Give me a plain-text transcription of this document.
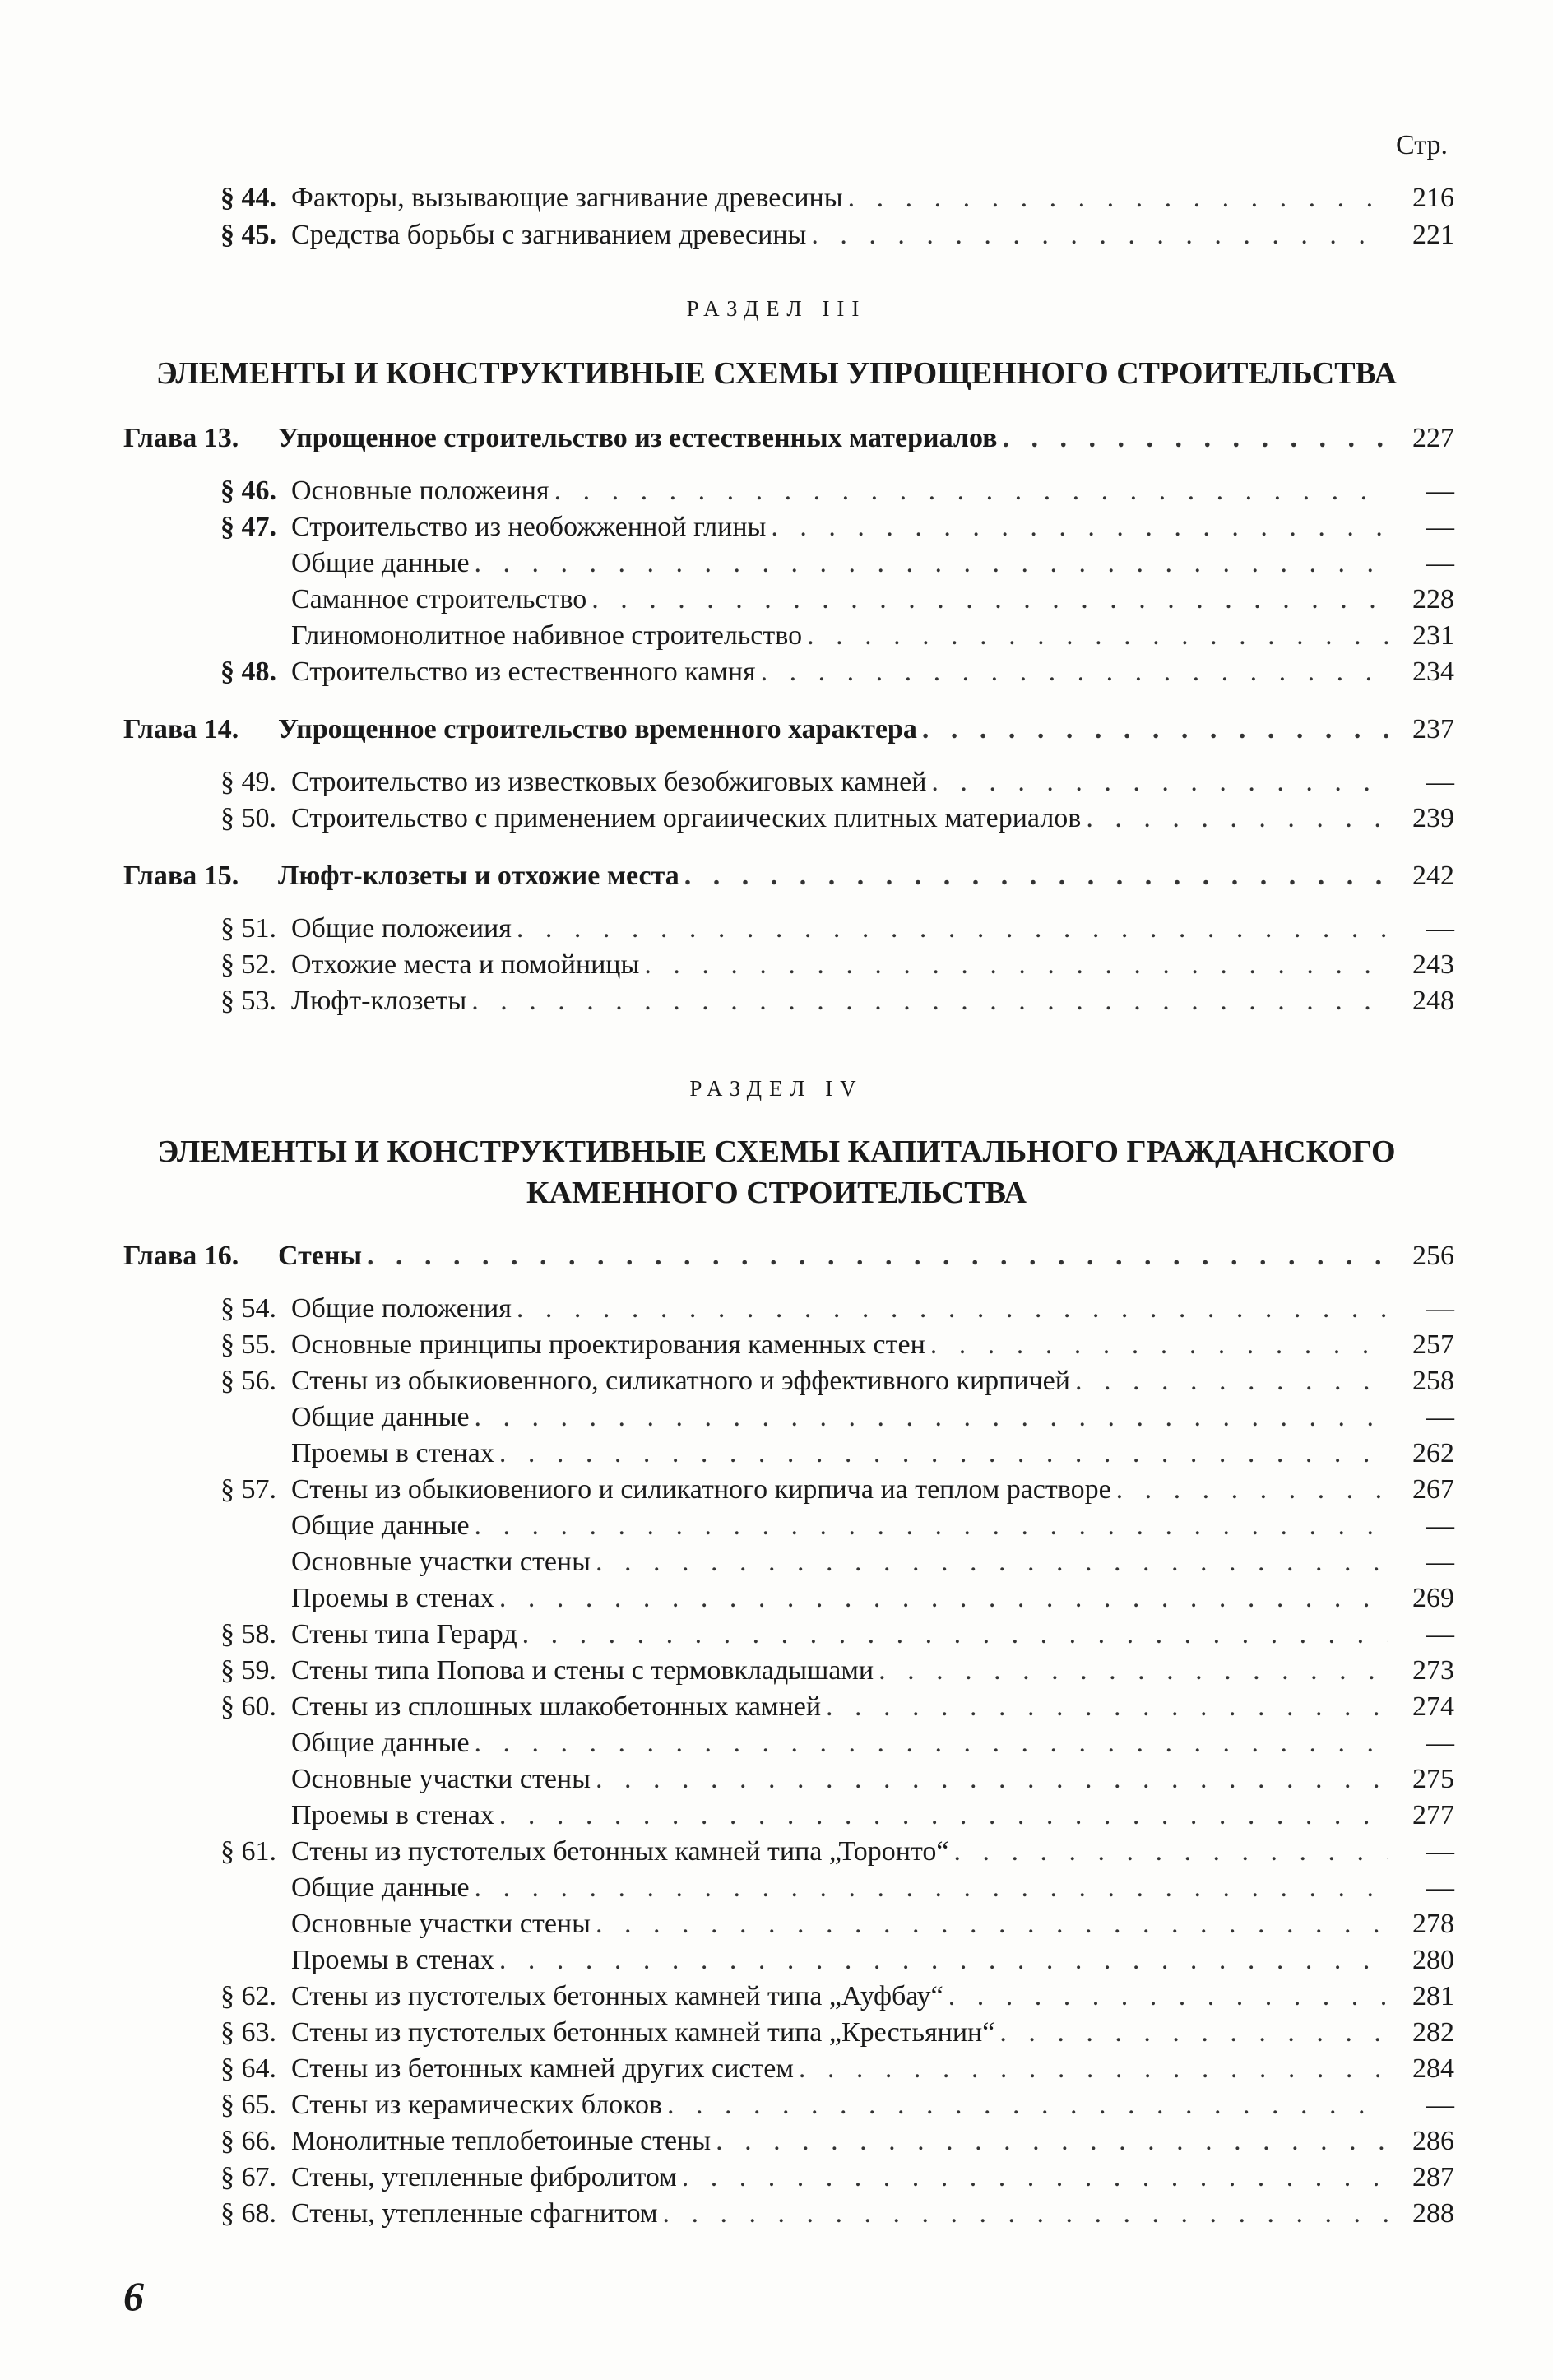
Стр.
§ 44. Факторы, вызывающие загнивание древесины . . .	216
§ 45. Средства борьбы с загниванием древесины . . .	221
РАЗДЕЛ III
ЭЛЕМЕНТЫ И КОНСТРУКТИВНЫЕ СХЕМЫ УПРОЩЕННОГО СТРОИТЕЛЬСТВА
Глава 13.	Упрощенное строительство из естественных материалов . . .	227
§ 46. Основные положеиня . . .	—
§ 47. Строительство из необожженной глины . . .	—
Общие данные . . .	—
Саманное строительство . . .	228
Глиномонолитное набивное строительство . . .	231
§ 48. Строительство из естественного камня . . .	234
Глава 14.	Упрощенное строительство временного характера . . .	237
§ 49. Строительство из известковых безобжиговых камней . . .	—
§ 50. Строительство с применением оргаиических плитных материалов . . .	239
Глава 15.	Люфт-клозеты и отхожие места . . .	242
§ 51. Общие положеиия . . .	—
§ 52. Отхожие места и помойницы . . .	243
§ 53. Люфт-клозеты . . .	248
РАЗДЕЛ IV
ЭЛЕМЕНТЫ И КОНСТРУКТИВНЫЕ СХЕМЫ КАПИТАЛЬНОГО ГРАЖДАНСКОГО
КАМЕННОГО СТРОИТЕЛЬСТВА
Глава 16.	Стены . . .	256
§ 54. Общие положения . . .	—
§ 55. Основные принципы проектирования каменных стен . . .	257
§ 56. Стены из обыкиовенного, силикатного и эффективного кирпичей . . .	258
Общие данные . . .	—
Проемы в стенах . . .	262
§ 57. Стены из обыкиовениого и силикатного кирпича иа теплом растворе . . .	267
Общие данные . . .	—
Основные участки стены . . .	—
Проемы в стенах . . .	269
§ 58. Стены типа Герард . . .	—
§ 59. Стены типа Попова и стены с термовкладышами . . .	273
§ 60. Стены из сплошных шлакобетонных камней . . .	274
Общие данные . . .	—
Основные участки стены . . .	275
Проемы в стенах . . .	277
§ 61. Стены из пустотелых бетонных камней типа „Торонто“ . . .	—
Общие данные . . .	—
Основные участки стены . . .	278
Проемы в стенах . . .	280
§ 62. Стены из пустотелых бетонных камней типа „Ауфбау“ . . .	281
§ 63. Стены из пустотелых бетонных камней типа „Крестьянин“ . . .	282
§ 64. Стены из бетонных камней других систем . . .	284
§ 65. Стены из керамических блоков . . .	—
§ 66. Монолитные теплобетоиные стены . . .	286
§ 67. Стены, утепленные фибролитом . . .	287
§ 68. Стены, утепленные сфагнитом . . .	288
6
